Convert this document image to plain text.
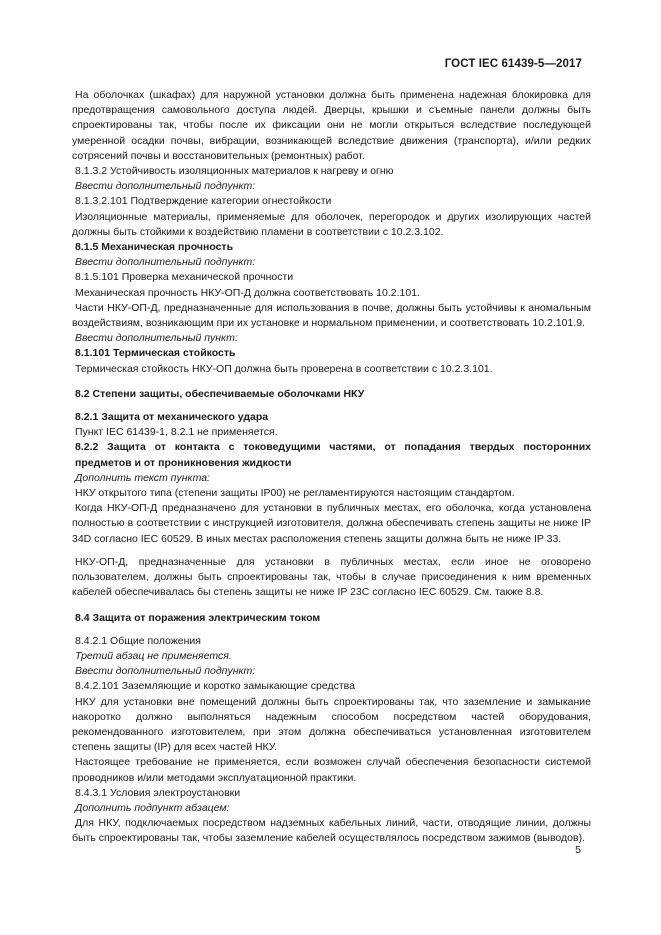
ГОСТ IEC 61439-5—2017

На оболочках (шкафах) для наружной установки должна быть применена надежная блокировка для предотвращения самовольного доступа людей. Дверцы, крышки и съемные панели должны быть спроектированы так, чтобы после их фиксации они не могли открыться вследствие последующей умеренной осадки почвы, вибрации, возникающей вследствие движения (транспорта), и/или редких сотрясений почвы и восстановительных (ремонтных) работ.

8.1.3.2 Устойчивость изоляционных материалов к нагреву и огню

Ввести дополнительный подпункт:

8.1.3.2.101 Подтверждение категории огнестойкости

Изоляционные материалы, применяемые для оболочек, перегородок и других изолирующих частей должны быть стойкими к воздействию пламени в соответствии с 10.2.3.102.

8.1.5 Механическая прочность

Ввести дополнительный подпункт:

8.1.5.101 Проверка механической прочности

Механическая прочность НКУ-ОП-Д должна соответствовать 10.2.101.

Части НКУ-ОП-Д, предназначенные для использования в почве, должны быть устойчивы к аномальным воздействиям, возникающим при их установке и нормальном применении, и соответствовать 10.2.101.9.

Ввести дополнительный пункт:

8.1.101 Термическая стойкость

Термическая стойкость НКУ-ОП должна быть проверена в соответствии с 10.2.3.101.

8.2 Степени защиты, обеспечиваемые оболочками НКУ

8.2.1 Защита от механического удара

Пункт IEC 61439-1, 8.2.1 не применяется.

8.2.2 Защита от контакта с токоведущими частями, от попадания твердых посторонних предметов и от проникновения жидкости

Дополнить текст пункта:

НКУ открытого типа (степени защиты IP00) не регламентируются настоящим стандартом.

Когда НКУ-ОП-Д предназначено для установки в публичных местах, его оболочка, когда установлена полностью в соответствии с инструкцией изготовителя, должна обеспечивать степень защиты не ниже IP 34D согласно IEC 60529. В иных местах расположения степень защиты должна быть не ниже IP 33.

НКУ-ОП-Д, предназначенные для установки в публичных местах, если иное не оговорено пользователем, должны быть спроектированы так, чтобы в случае присоединения к ним временных кабелей обеспечивалась бы степень защиты не ниже IP 23C согласно IEC 60529. См. также 8.8.

8.4 Защита от поражения электрическим током

8.4.2.1 Общие положения

Третий абзац не применяется.

Ввести дополнительный подпункт:

8.4.2.101 Заземляющие и коротко замыкающие средства

НКУ для установки вне помещений должны быть спроектированы так, что заземление и замыкание накоротко должно выполняться надежным способом посредством частей оборудования, рекомендованного изготовителем, при этом должна обеспечиваться установленная изготовителем степень защиты (IP) для всех частей НКУ.

Настоящее требование не применяется, если возможен случай обеспечения безопасности системой проводников и/или методами эксплуатационной практики.

8.4.3.1 Условия электроустановки

Дополнить подпункт абзацем:

Для НКУ, подключаемых посредством надземных кабельных линий, части, отводящие линии, должны быть спроектированы так, чтобы заземление кабелей осуществлялось посредством зажимов (выводов).

5
